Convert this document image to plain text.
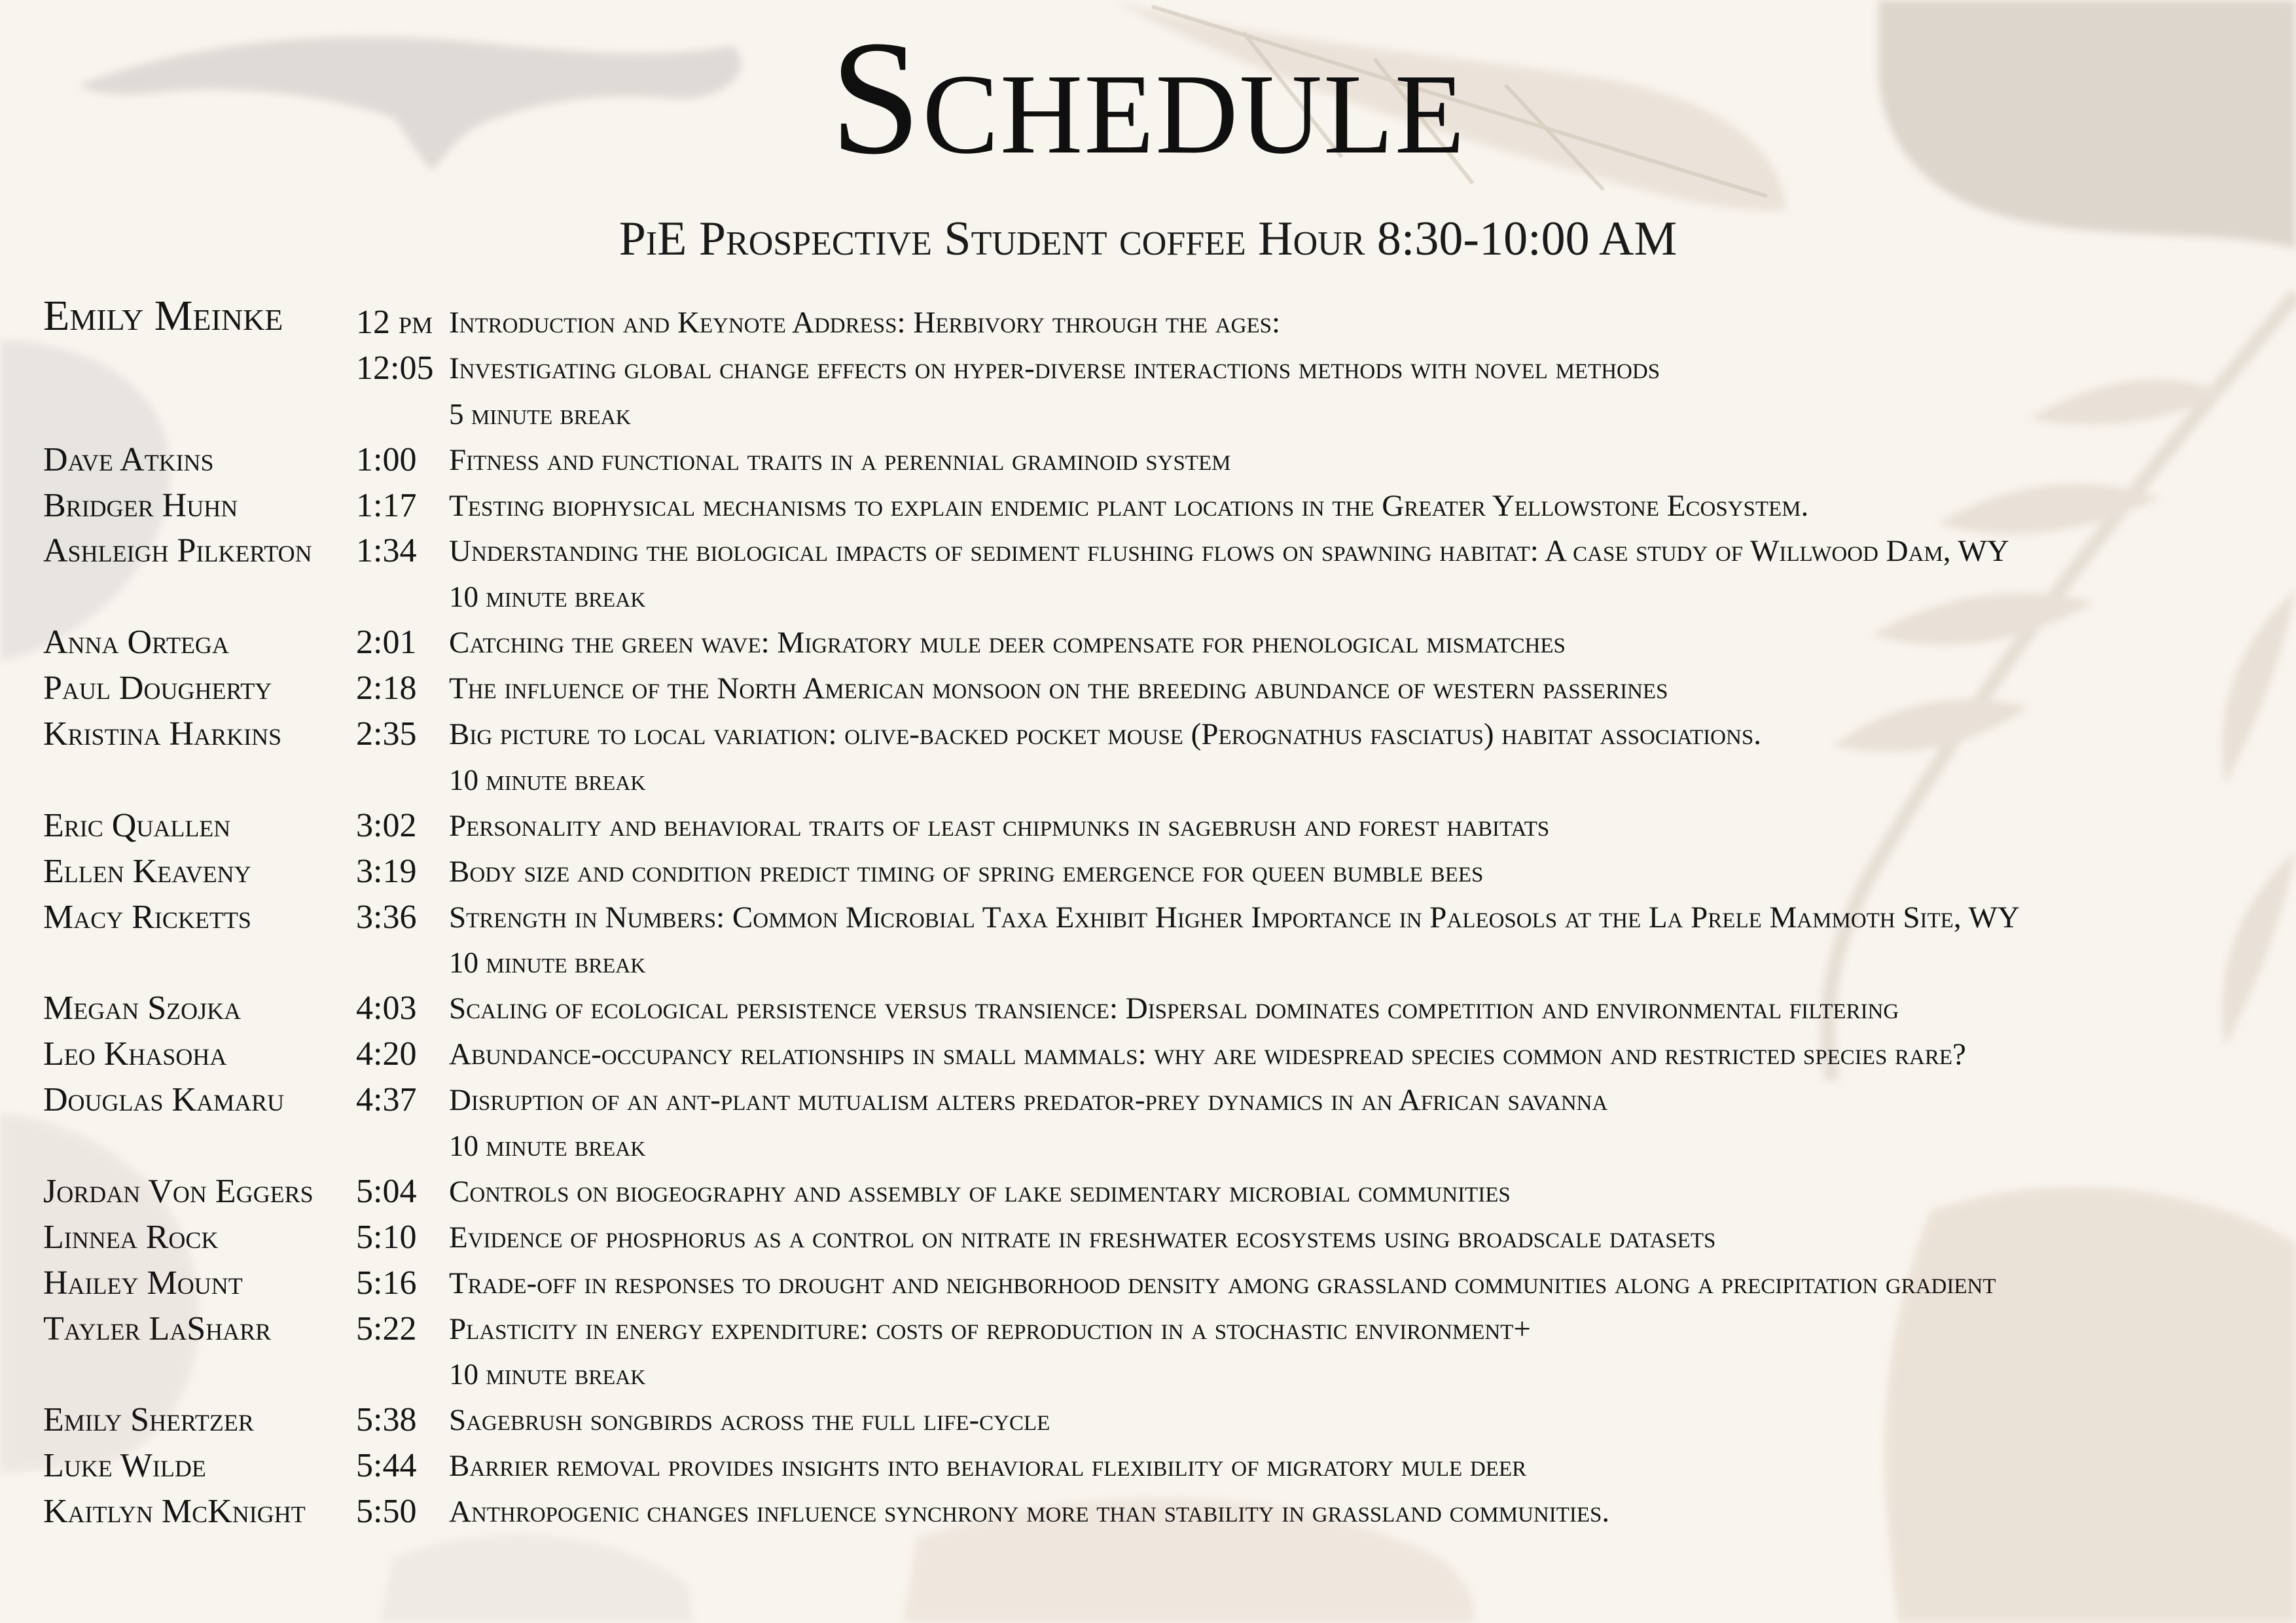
Schedule
PiE Prospective Student coffee Hour 8:30-10:00 AM
Emily Meinke 12 pm Introduction and Keynote Address: Herbivory through the ages:
12:05 Investigating global change effects on hyper-diverse interactions methods with novel methods
5 minute break
Dave Atkins	1:00 Fitness and functional traits in a perennial graminoid system
Bridger Huhn	1:17 Testing biophysical mechanisms to explain endemic plant locations in the Greater Yellowstone Ecosystem.
Ashleigh Pilkerton 1:34 Understanding the biological impacts of sediment flushing flows on spawning habitat: A case study of Willwood Dam, WY
10 minute break
Anna Ortega	2:01 Catching the green wave: Migratory mule deer compensate for phenological mismatches
Paul Dougherty 2:18 The influence of the North American monsoon on the breeding abundance of western passerines
Kristina Harkins 2:35 Big picture to local variation: olive-backed pocket mouse (Perognathus fasciatus) habitat associations.
10 minute break
Eric Quallen	3:02 Personality and behavioral traits of least chipmunks in sagebrush and forest habitats
Ellen Keaveny	3:19 Body size and condition predict timing of spring emergence for queen bumble bees
Macy Ricketts	3:36 Strength in Numbers: Common Microbial Taxa Exhibit Higher Importance in Paleosols at the La Prele Mammoth Site, WY
10 minute break
Megan Szojka	4:03 Scaling of ecological persistence versus transience: Dispersal dominates competition and environmental filtering
Leo Khasoha	4:20 Abundance-occupancy relationships in small mammals: why are widespread species common and restricted species rare?
Douglas Kamaru 4:37 Disruption of an ant-plant mutualism alters predator-prey dynamics in an African savanna
10 minute break
Jordan Von Eggers 5:04 Controls on biogeography and assembly of lake sedimentary microbial communities
Linnea Rock	5:10 Evidence of phosphorus as a control on nitrate in freshwater ecosystems using broadscale datasets
Hailey Mount	5:16 Trade-off in responses to drought and neighborhood density among grassland communities along a precipitation gradient
Tayler LaSharr 5:22 Plasticity in energy expenditure: costs of reproduction in a stochastic environment+
10 minute break
Emily Shertzer	5:38 Sagebrush songbirds across the full life-cycle
Luke Wilde	5:44 Barrier removal provides insights into behavioral flexibility of migratory mule deer
Kaitlyn McKnight 5:50 Anthropogenic changes influence synchrony more than stability in grassland communities.
